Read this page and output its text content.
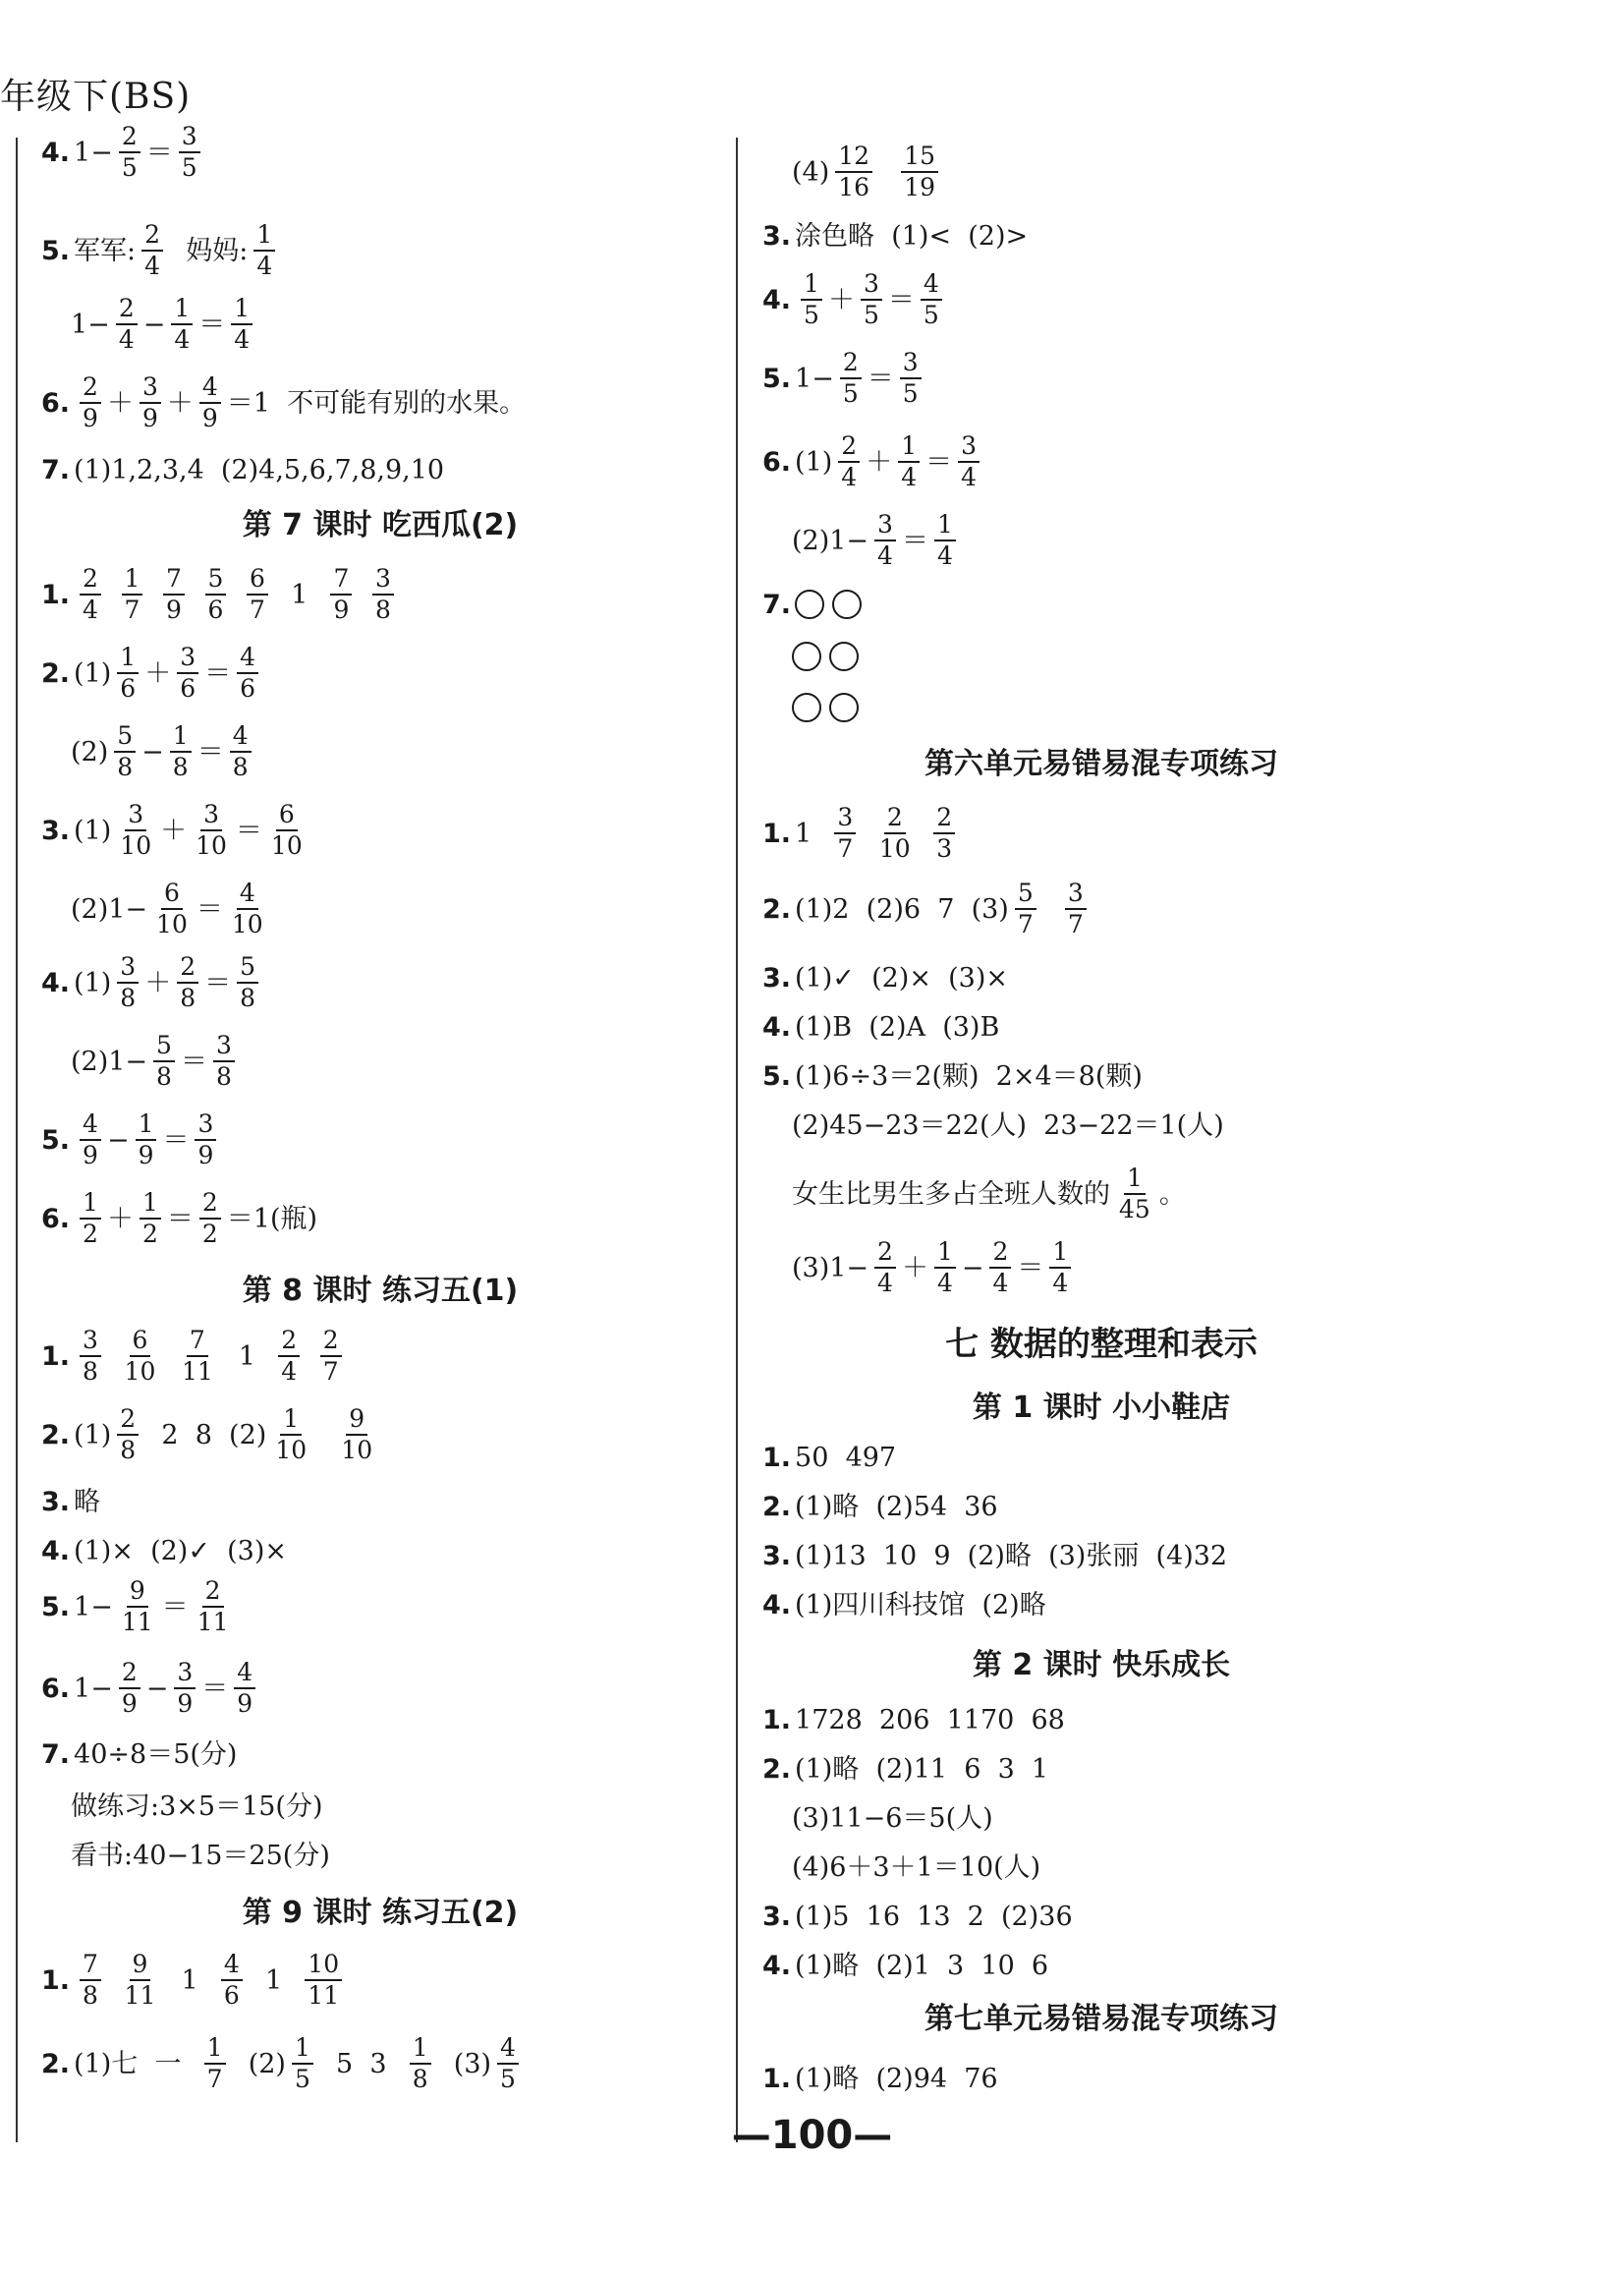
年级下(BS)
4. $1- \frac{2}{5} = \frac{3}{5}$
5. 军军: $\frac{2}{4}$ 妈妈: $\frac{1}{4}$
$1- \frac{2}{4} - \frac{1}{4} = \frac{1}{4}$
6. $\frac{2}{9} + \frac{3}{9} + \frac{4}{9} =1$  不可能有别的水果。
7. (1)1,2,3,4  (2)4,5,6,7,8,9,10
第 7 课时 吃西瓜(2)
1. $\frac{2}{4}$
$\frac{1}{7}$
$\frac{7}{9}$
$\frac{5}{6}$
$\frac{6}{7} 1 \frac{7}{9}$
$\frac{3}{8}$
2. $(1) \frac{1}{6} + \frac{3}{6} = \frac{4}{6}$
$(2) \frac{5}{8} - \frac{1}{8} = \frac{4}{8}$
3. $(1) \frac{3}{10} + \frac{3}{10} = \frac{6}{10}$
$(2)1- \frac{6}{10} = \frac{4}{10}$
4. $(1) \frac{3}{8} + \frac{2}{8} = \frac{5}{8}$
$(2)1- \frac{5}{8} = \frac{3}{8}$
5. $\frac{4}{9} - \frac{1}{9} = \frac{3}{9}$
6. $\frac{1}{2} + \frac{1}{2} = \frac{2}{2} =1$(瓶)
第 8 课时 练习五(1)
1. $\frac{3}{8}$
$\frac{6}{10}$
$\frac{7}{11} 1 \frac{2}{4}$
$\frac{2}{7}$
2. $(1) \frac{2}{8} 2$  8  $(2) \frac{1}{10}$
$\frac{9}{10}$
3. 略
4. (1)×  (2)✓  (3)×
5. $1- \frac{9}{11} = \frac{2}{11}$
6. $1- \frac{2}{9} - \frac{3}{9} = \frac{4}{9}$
7. 40÷8＝5(分)
做练习:3×5＝15(分)
看书:40−15＝25(分)
第 9 课时 练习五(2)
1. $\frac{7}{8}$
$\frac{9}{11} 1 \frac{4}{6} 1 \frac{10}{11}$
2. (1)七  一 $\frac{1}{7} (2) \frac{1}{5} 5$  $3 \frac{1}{8} (3) \frac{4}{5}$
$(4) \frac{12}{16}$
$\frac{15}{19}$
3. 涂色略  (1)<  (2)>
4. $\frac{1}{5} + \frac{3}{5} = \frac{4}{5}$
5. $1- \frac{2}{5} = \frac{3}{5}$
6. $(1) \frac{2}{4} + \frac{1}{4} = \frac{3}{4}$
$(2)1- \frac{3}{4} = \frac{1}{4}$
7.
第六单元易错易混专项练习
1. $1 \frac{3}{7}$
$\frac{2}{10}$
$\frac{2}{3}$
2. (1)2  (2)6  7  $(3) \frac{5}{7}$
$\frac{3}{7}$
3. (1)✓  (2)×  (3)×
4. (1)B  (2)A  (3)B
5. (1)6÷3＝2(颗)  2×4＝8(颗)
(2)45−23＝22(人)  23−22＝1(人)
女生比男生多占全班人数的 $\frac{1}{45}$ 。
$(3)1- \frac{2}{4} + \frac{1}{4} - \frac{2}{4} = \frac{1}{4}$
七 数据的整理和表示
第 1 课时 小小鞋店
1. 50  497
2. (1)略  (2)54  36
3. (1)13  10  9  (2)略  (3)张丽  (4)32
4. (1)四川科技馆  (2)略
第 2 课时 快乐成长
1. 1728  206  1170  68
2. (1)略  (2)11  6  3  1
(3)11−6＝5(人)
(4)6＋3＋1＝10(人)
3. (1)5  16  13  2  (2)36
4. (1)略  (2)1  3  10  6
第七单元易错易混专项练习
1. (1)略  (2)94  76
—100—
